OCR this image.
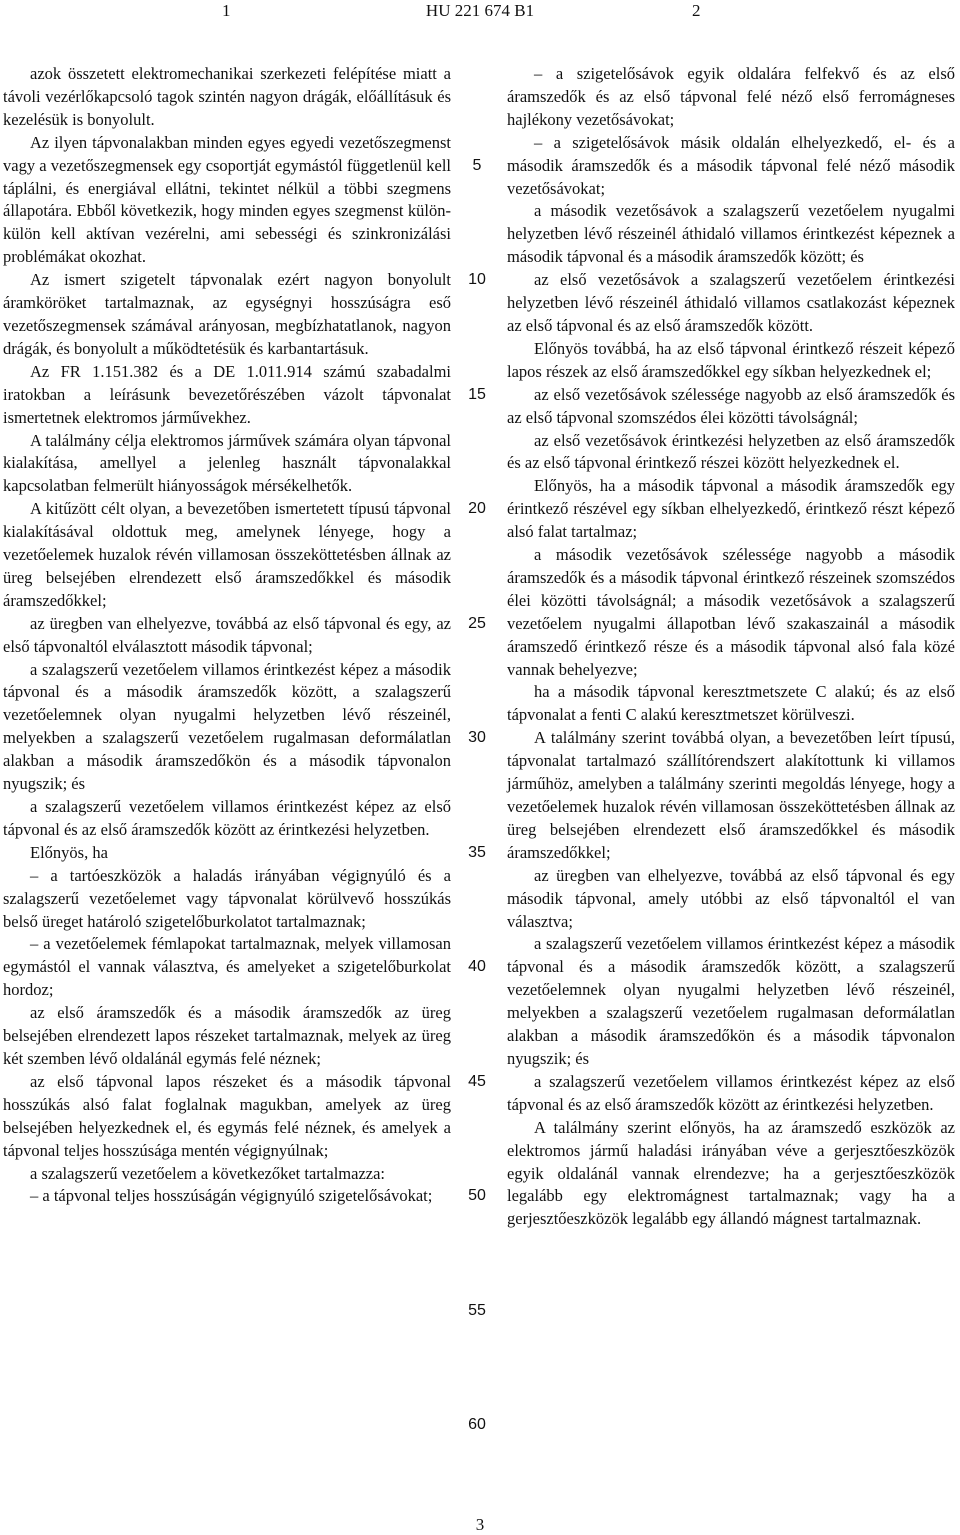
1	HU 221 674 B1	2

azok összetett elektromechanikai szerkezeti felépítése miatt a távoli vezérlőkapcsoló tagok szintén nagyon drágák, előállításuk és kezelésük is bonyolult.

Az ilyen tápvonalakban minden egyes egyedi vezetőszegmenst vagy a vezetőszegmensek egy csoportját egymástól függetlenül kell táplálni, és energiával ellátni, tekintet nélkül a többi szegmens állapotára. Ebből következik, hogy minden egyes szegmenst külön-külön kell aktívan vezérelni, ami sebességi és szinkronizálási problémákat okozhat.

Az ismert szigetelt tápvonalak ezért nagyon bonyolult áramköröket tartalmaznak, az egységnyi hosszúságra eső vezetőszegmensek számával arányosan, megbízhatatlanok, nagyon drágák, és bonyolult a működtetésük és karbantartásuk.

Az FR 1.151.382 és a DE 1.011.914 számú szabadalmi iratokban a leírásunk bevezetőrészében vázolt tápvonalat ismertetnek elektromos járművekhez.

A találmány célja elektromos járművek számára olyan tápvonal kialakítása, amellyel a jelenleg használt tápvonalakkal kapcsolatban felmerült hiányosságok mérsékelhetők.

A kitűzött célt olyan, a bevezetőben ismertetett típusú tápvonal kialakításával oldottuk meg, amelynek lényege, hogy a vezetőelemek huzalok révén villamosan összeköttetésben állnak az üreg belsejében elrendezett első áramszedőkkel és második áramszedőkkel;

az üregben van elhelyezve, továbbá az első tápvonal és egy, az első tápvonaltól elválasztott második tápvonal;

a szalagszerű vezetőelem villamos érintkezést képez a második tápvonal és a második áramszedők között, a szalagszerű vezetőelemnek olyan nyugalmi helyzetben lévő részeinél, melyekben a szalagszerű vezetőelem rugalmasan deformálatlan alakban a második áramszedőkön és a második tápvonalon nyugszik; és

a szalagszerű vezetőelem villamos érintkezést képez az első tápvonal és az első áramszedők között az érintkezési helyzetben.

Előnyös, ha

– a tartóeszközök a haladás irányában végignyúló és a szalagszerű vezetőelemet vagy tápvonalat körülvevő hosszúkás belső üreget határoló szigetelőburkolatot tartalmaznak;

– a vezetőelemek fémlapokat tartalmaznak, melyek villamosan egymástól el vannak választva, és amelyeket a szigetelőburkolat hordoz;

az első áramszedők és a második áramszedők az üreg belsejében elrendezett lapos részeket tartalmaznak, melyek az üreg két szemben lévő oldalánál egymás felé néznek;

az első tápvonal lapos részeket és a második tápvonal hosszúkás alsó falat foglalnak magukban, amelyek az üreg belsejében helyezkednek el, és egymás felé néznek, és amelyek a tápvonal teljes hosszúsága mentén végignyúlnak;

a szalagszerű vezetőelem a következőket tartalmazza:

– a tápvonal teljes hosszúságán végignyúló szigetelősávokat;

5
10
15
20
25
30
35
40
45
50
55
60

– a szigetelősávok egyik oldalára felfekvő és az első áramszedők és az első tápvonal felé néző első ferromágneses hajlékony vezetősávokat;

– a szigetelősávok másik oldalán elhelyezkedő, el- és a második áramszedők és a második tápvonal felé néző második vezetősávokat;

a második vezetősávok a szalagszerű vezetőelem nyugalmi helyzetben lévő részeinél áthidaló villamos érintkezést képeznek a második tápvonal és a második áramszedők között; és

az első vezetősávok a szalagszerű vezetőelem érintkezési helyzetben lévő részeinél áthidaló villamos csatlakozást képeznek az első tápvonal és az első áramszedők között.

Előnyös továbbá, ha az első tápvonal érintkező részeit képező lapos részek az első áramszedőkkel egy síkban helyezkednek el;

az első vezetősávok szélessége nagyobb az első áramszedők és az első tápvonal szomszédos élei közötti távolságnál;

az első vezetősávok érintkezési helyzetben az első áramszedők és az első tápvonal érintkező részei között helyezkednek el.

Előnyös, ha a második tápvonal a második áramszedők egy érintkező részével egy síkban elhelyezkedő, érintkező részt képező alsó falat tartalmaz;

a második vezetősávok szélessége nagyobb a második áramszedők és a második tápvonal érintkező részeinek szomszédos élei közötti távolságnál; a második vezetősávok a szalagszerű vezetőelem nyugalmi állapotban lévő szakaszainál a második áramszedő érintkező része és a második tápvonal alsó fala közé vannak behelyezve;

ha a második tápvonal keresztmetszete C alakú; és az első tápvonalat a fenti C alakú keresztmetszet körülveszi.

A találmány szerint továbbá olyan, a bevezetőben leírt típusú, tápvonalat tartalmazó szállítórendszert alakítottunk ki villamos járműhöz, amelyben a találmány szerinti megoldás lényege, hogy a vezetőelemek huzalok révén villamosan összeköttetésben állnak az üreg belsejében elrendezett első áramszedőkkel és második áramszedőkkel;

az üregben van elhelyezve, továbbá az első tápvonal és egy második tápvonal, amely utóbbi az első tápvonaltól el van választva;

a szalagszerű vezetőelem villamos érintkezést képez a második tápvonal és a második áramszedők között, a szalagszerű vezetőelemnek olyan nyugalmi helyzetben lévő részeinél, melyekben a szalagszerű vezetőelem rugalmasan deformálatlan alakban a második áramszedőkön és a második tápvonalon nyugszik; és

a szalagszerű vezetőelem villamos érintkezést képez az első tápvonal és az első áramszedők között az érintkezési helyzetben.

A találmány szerint előnyös, ha az áramszedő eszközök az elektromos jármű haladási irányában véve a gerjesztőeszközök egyik oldalánál vannak elrendezve; ha a gerjesztőeszközök legalább egy elektromágnest tartalmaznak; vagy ha a gerjesztőeszközök legalább egy állandó mágnest tartalmaznak.

3
